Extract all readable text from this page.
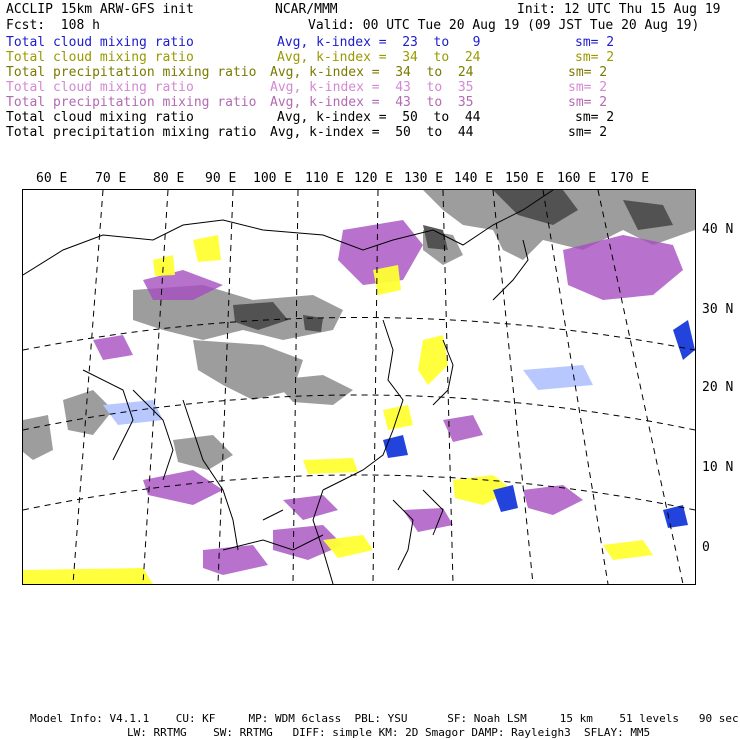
ACCLIP 15km ARW-GFS init	NCAR/MMM	Init: 12 UTC Thu 15 Aug 19
Fcst:  108 h	Valid: 00 UTC Tue 20 Aug 19 (09 JST Tue 20 Aug 19)
Total cloud mixing ratio	Avg, k-index =  23  to   9	sm= 2
Total cloud mixing ratio	Avg, k-index =  34  to  24	sm= 2
Total precipitation mixing ratio Avg, k-index =  34  to  24	sm= 2
Total cloud mixing ratio	Avg, k-index =  43  to  35	sm= 2
Total precipitation mixing ratio Avg, k-index =  43  to  35	sm= 2
Total cloud mixing ratio	Avg, k-index =  50  to  44	sm= 2
Total precipitation mixing ratio Avg, k-index =  50  to  44	sm= 2
60 E 70 E 80 E 90 E 100 E 110 E 120 E 130 E 140 E 150 E 160 E 170 E
40 N
30 N
20 N
10 N
0
Model Info: V4.1.1    CU: KF     MP: WDM 6class  PBL: YSU      SF: Noah LSM     15 km    51 levels   90 sec
LW: RRTMG    SW: RRTMG   DIFF: simple KM: 2D Smagor DAMP: Rayleigh3  SFLAY: MM5
